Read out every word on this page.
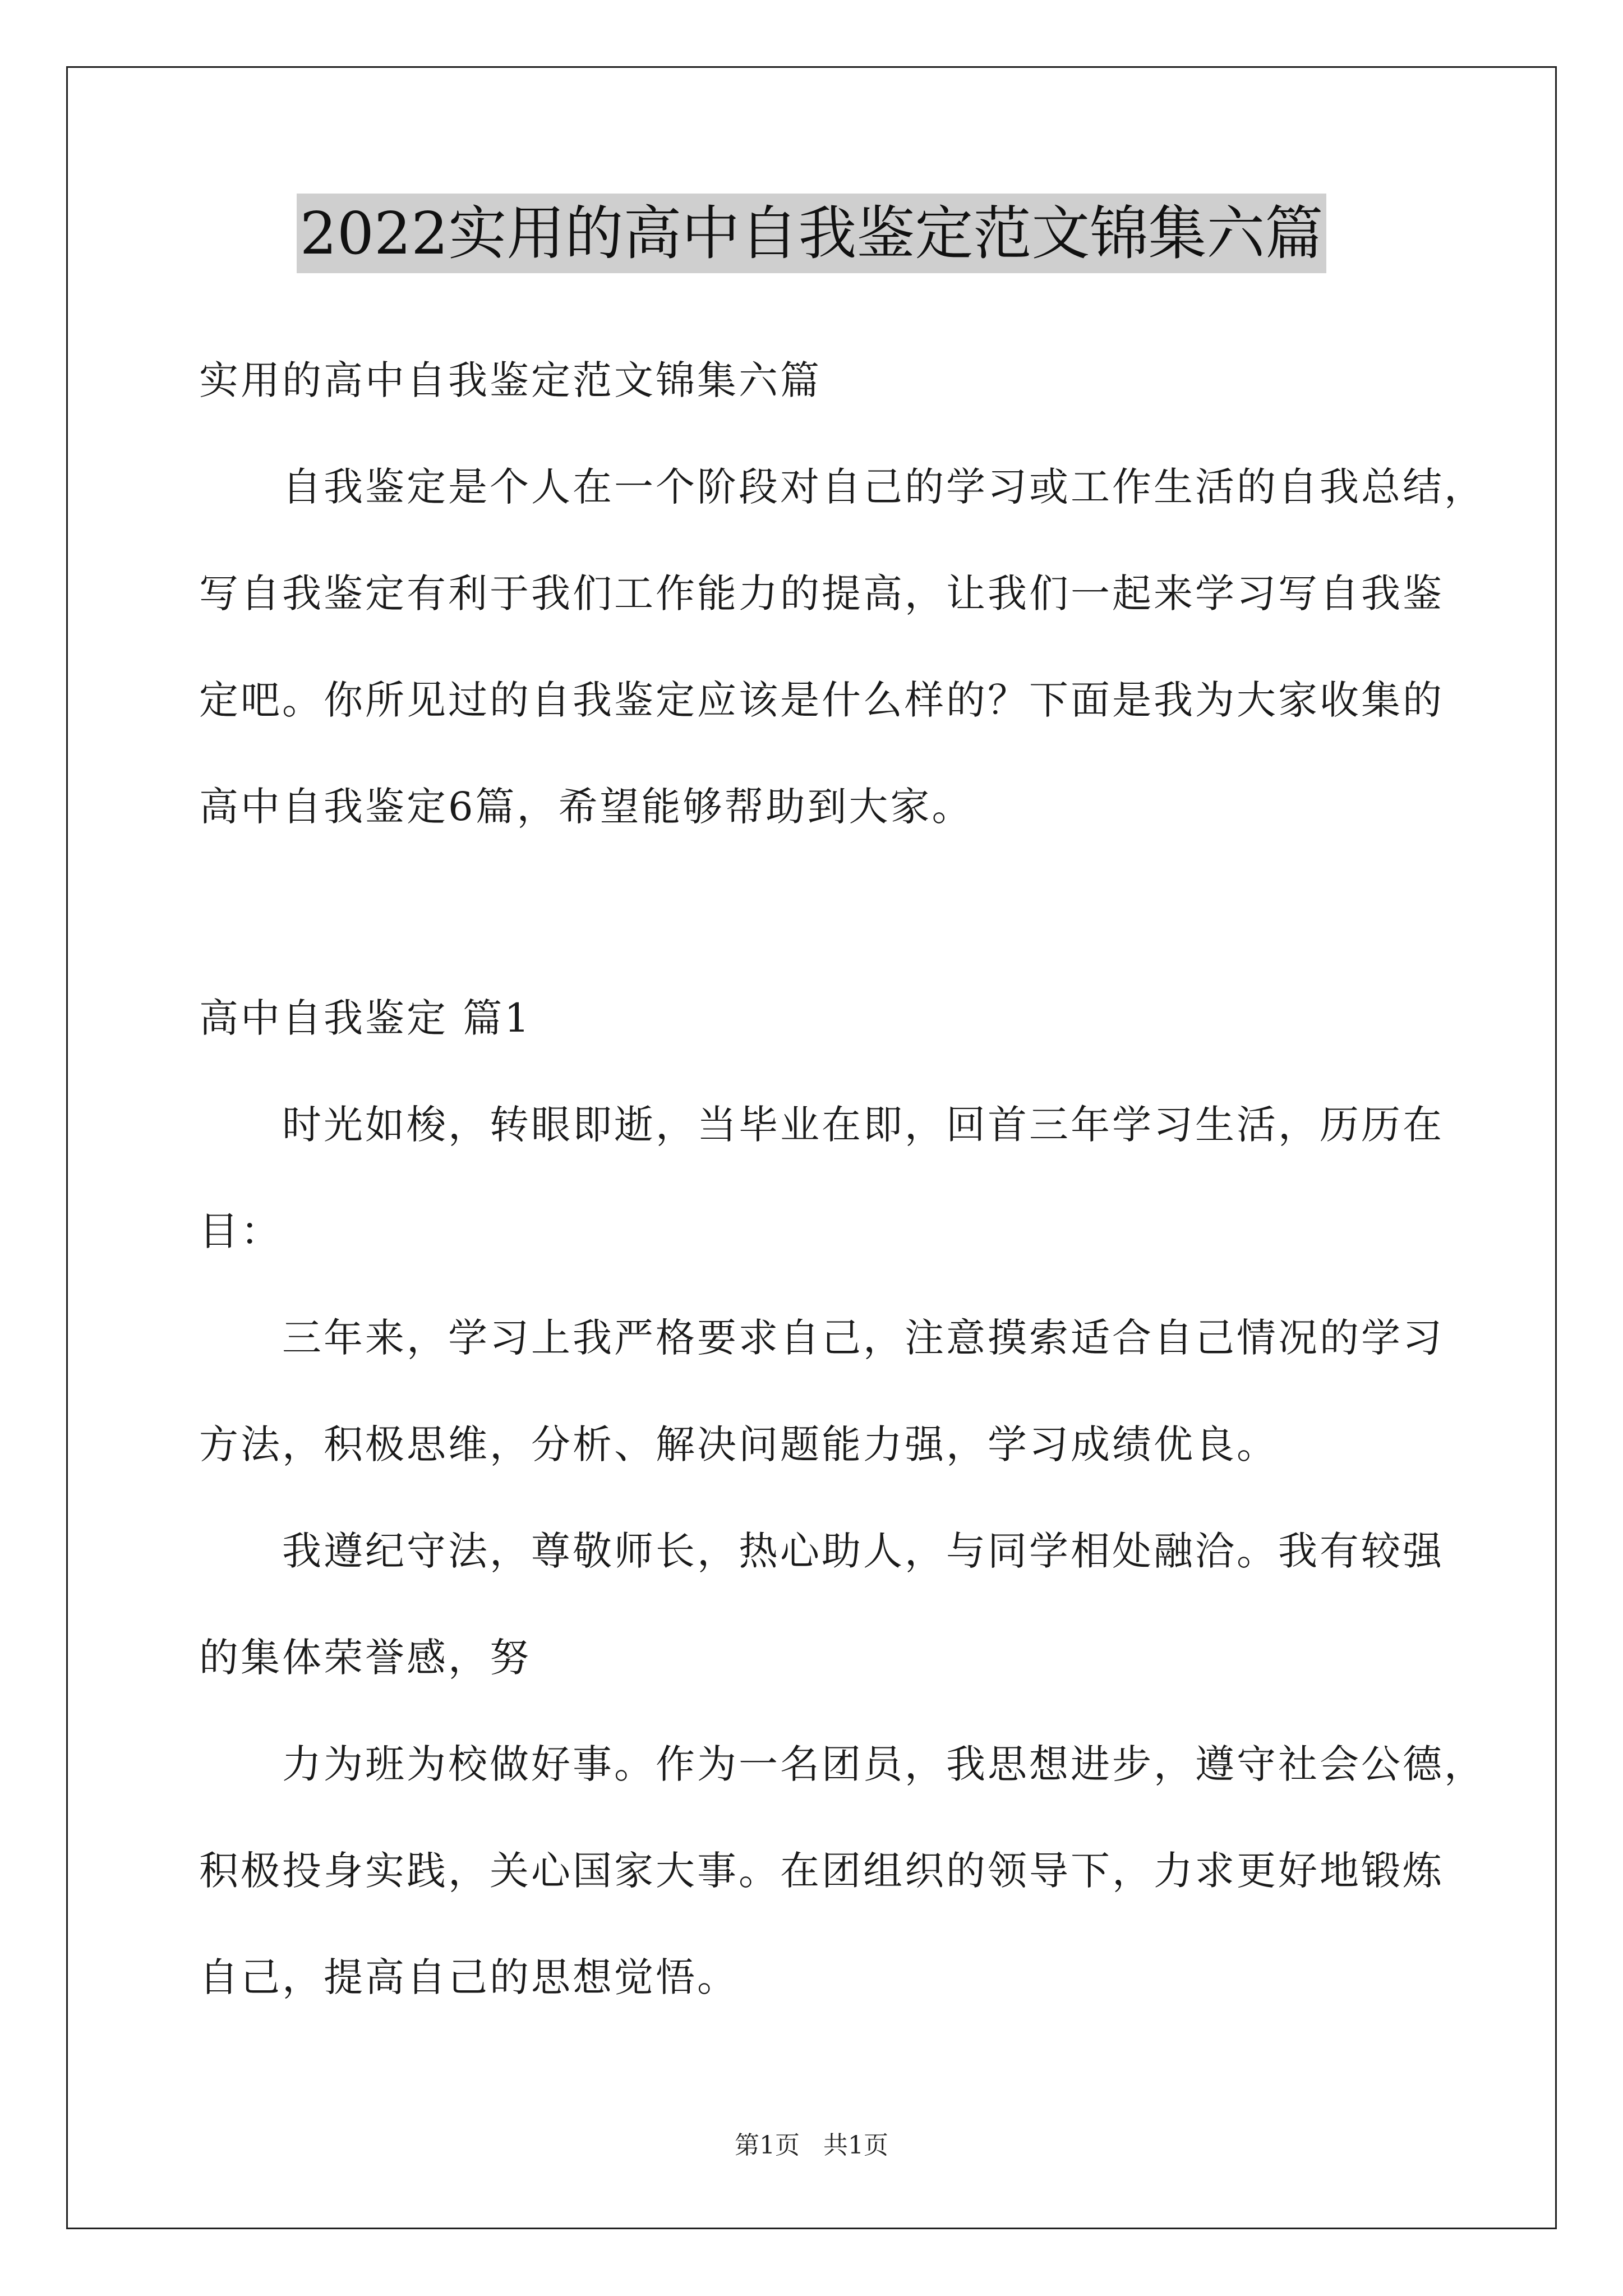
2022实用的高中自我鉴定范文锦集六篇
实用的高中自我鉴定范文锦集六篇
自我鉴定是个人在一个阶段对自己的学习或工作生活的自我总结，
写自我鉴定有利于我们工作能力的提高，让我们一起来学习写自我鉴
定吧。你所见过的自我鉴定应该是什么样的？下面是我为大家收集的
高中自我鉴定6篇，希望能够帮助到大家。
高中自我鉴定 篇1
时光如梭，转眼即逝，当毕业在即，回首三年学习生活，历历在
目：
三年来，学习上我严格要求自己，注意摸索适合自己情况的学习
方法，积极思维，分析、解决问题能力强，学习成绩优良。
我遵纪守法，尊敬师长，热心助人，与同学相处融洽。我有较强
的集体荣誉感，努
力为班为校做好事。作为一名团员，我思想进步，遵守社会公德，
积极投身实践，关心国家大事。在团组织的领导下，力求更好地锻炼
自己，提高自己的思想觉悟。
第1页 共1页
